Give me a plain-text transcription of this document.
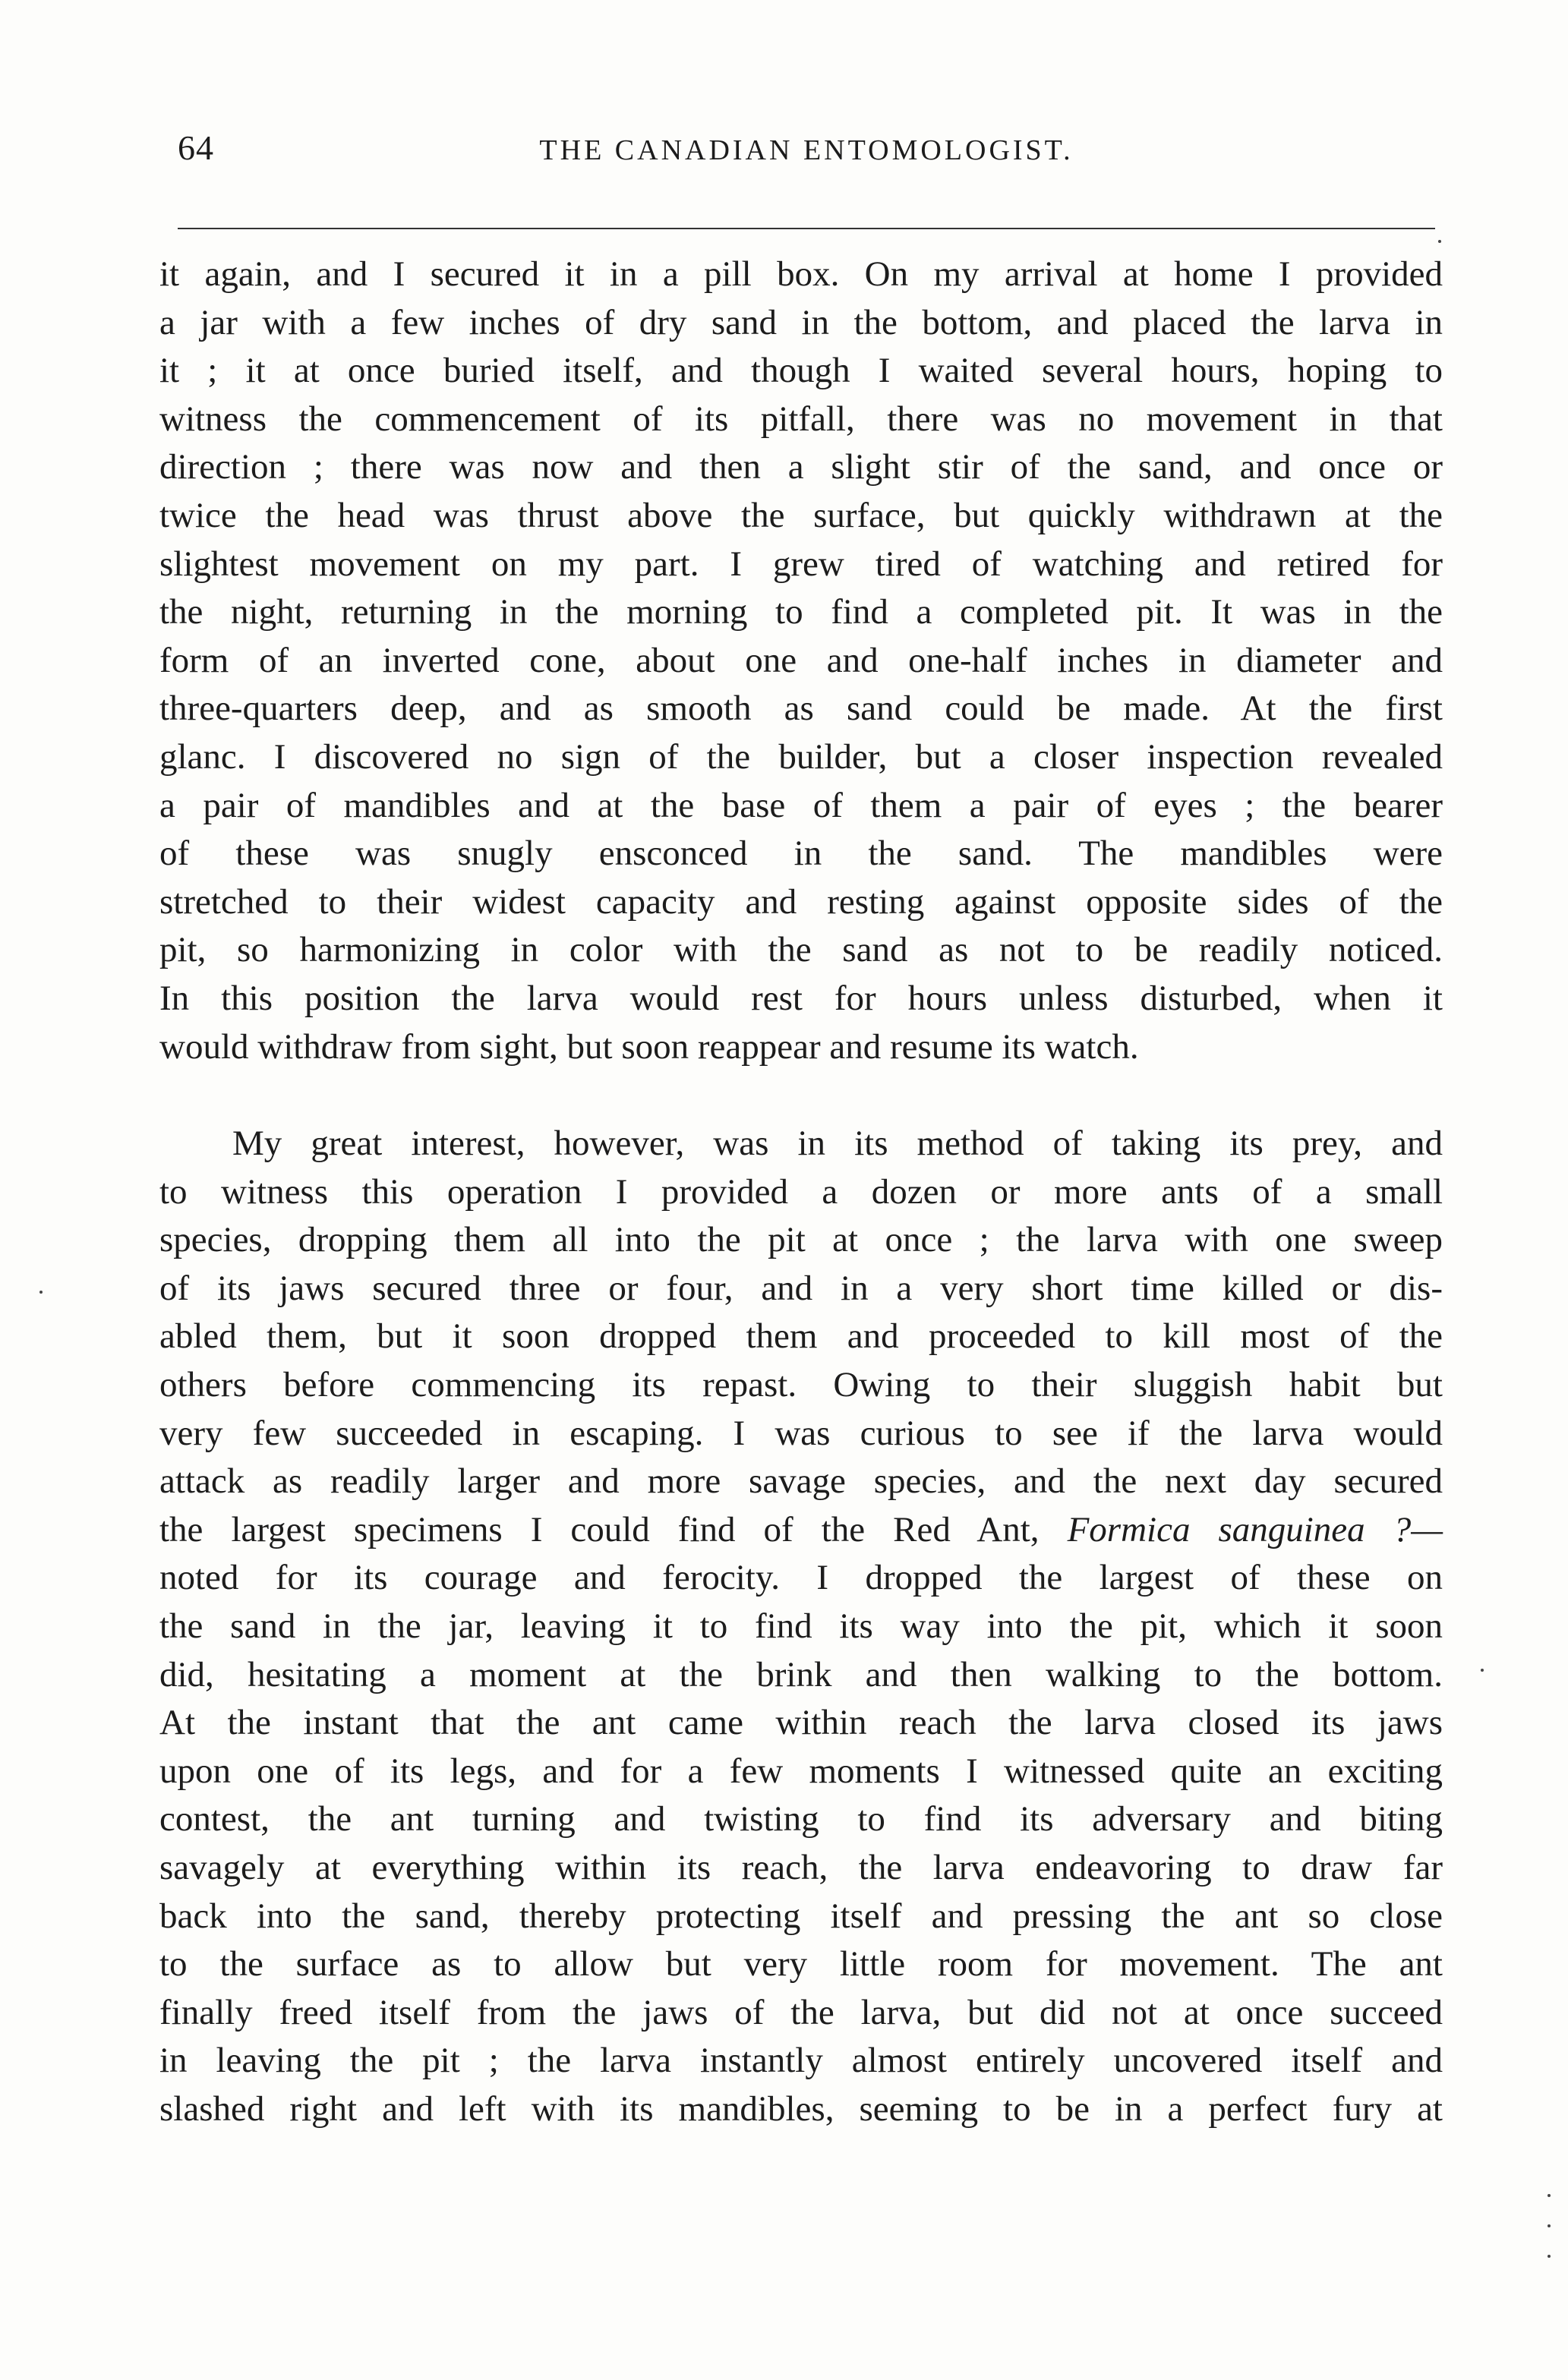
64	THE CANADIAN ENTOMOLOGIST.

it again, and I secured it in a pill box. On my arrival at home I provided
a jar with a few inches of dry sand in the bottom, and placed the larva in
it ; it at once buried itself, and though I waited several hours, hoping to
witness the commencement of its pitfall, there was no movement in that
direction ; there was now and then a slight stir of the sand, and once or
twice the head was thrust above the surface, but quickly withdrawn at the
slightest movement on my part. I grew tired of watching and retired for
the night, returning in the morning to find a completed pit. It was in the
form of an inverted cone, about one and one-half inches in diameter and
three-quarters deep, and as smooth as sand could be made. At the first
glanc. I discovered no sign of the builder, but a closer inspection revealed
a pair of mandibles and at the base of them a pair of eyes ; the bearer
of these was snugly ensconced in the sand. The mandibles were
stretched to their widest capacity and resting against opposite sides of the
pit, so harmonizing in color with the sand as not to be readily noticed.
In this position the larva would rest for hours unless disturbed, when it
would withdraw from sight, but soon reappear and resume its watch.

My great interest, however, was in its method of taking its prey, and
to witness this operation I provided a dozen or more ants of a small
species, dropping them all into the pit at once ; the larva with one sweep
of its jaws secured three or four, and in a very short time killed or dis-
abled them, but it soon dropped them and proceeded to kill most of the
others before commencing its repast. Owing to their sluggish habit but
very few succeeded in escaping. I was curious to see if the larva would
attack as readily larger and more savage species, and the next day secured
the largest specimens I could find of the Red Ant, Formica sanguinea ?—
noted for its courage and ferocity. I dropped the largest of these on
the sand in the jar, leaving it to find its way into the pit, which it soon
did, hesitating a moment at the brink and then walking to the bottom.
At the instant that the ant came within reach the larva closed its jaws
upon one of its legs, and for a few moments I witnessed quite an exciting
contest, the ant turning and twisting to find its adversary and biting
savagely at everything within its reach, the larva endeavoring to draw far
back into the sand, thereby protecting itself and pressing the ant so close
to the surface as to allow but very little room for movement. The ant
finally freed itself from the jaws of the larva, but did not at once succeed
in leaving the pit ; the larva instantly almost entirely uncovered itself and
slashed right and left with its mandibles, seeming to be in a perfect fury at
